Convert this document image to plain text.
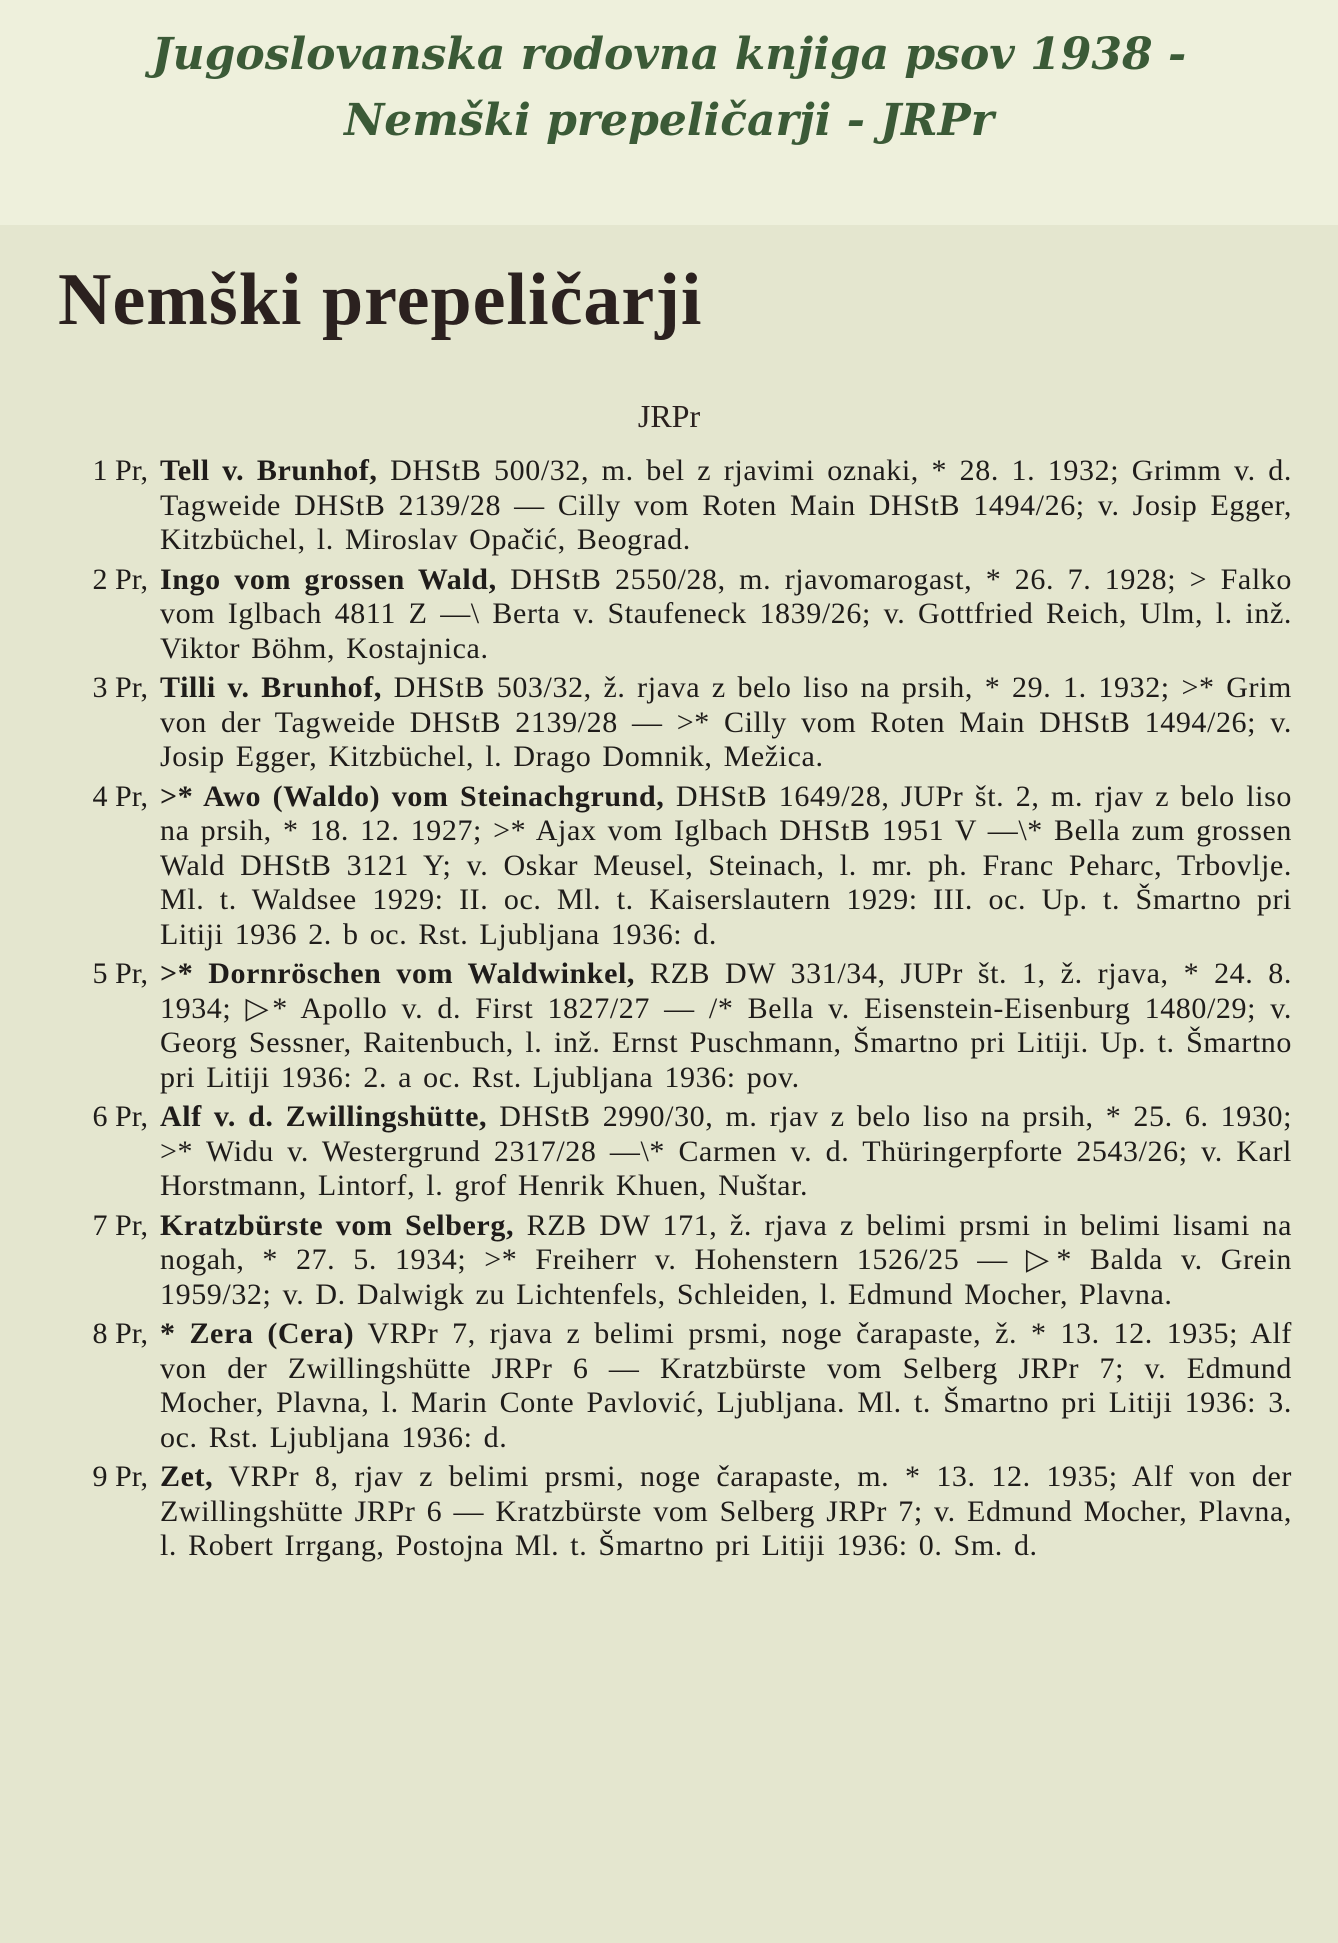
Jugoslovanska rodovna knjiga psov 1938 -
Nemški prepeličarji - JRPr
Nemški prepeličarji
JRPr
1 Pr, Tell v. Brunhof, DHStB 500/32, m. bel z rjavimi oznaki, * 28. 1. 1932; Grimm v. d. Tagweide DHStB 2139/28 — Cilly vom Roten Main DHStB 1494/26; v. Josip Egger, Kitzbüchel, l. Miroslav Opačić, Beograd.
2 Pr, Ingo vom grossen Wald, DHStB 2550/28, m. rjavomarogast, * 26. 7. 1928; > Falko vom Iglbach 4811 Z —\ Berta v. Staufeneck 1839/26; v. Gottfried Reich, Ulm, l. inž. Viktor Böhm, Kostajnica.
3 Pr, Tilli v. Brunhof, DHStB 503/32, ž. rjava z belo liso na prsih, * 29. 1. 1932; >* Grim von der Tagweide DHStB 2139/28 — >* Cilly vom Roten Main DHStB 1494/26; v. Josip Egger, Kitzbüchel, l. Drago Domnik, Mežica.
4 Pr, >* Awo (Waldo) vom Steinachgrund, DHStB 1649/28, JUPr št. 2, m. rjav z belo liso na prsih, * 18. 12. 1927; >* Ajax vom Iglbach DHStB 1951 V —\* Bella zum grossen Wald DHStB 3121 Y; v. Oskar Meusel, Steinach, l. mr. ph. Franc Peharc, Trbovlje. Ml. t. Waldsee 1929: II. oc. Ml. t. Kaiserslautern 1929: III. oc. Up. t. Šmartno pri Litiji 1936 2. b oc. Rst. Ljubljana 1936: d.
5 Pr, >* Dornröschen vom Waldwinkel, RZB DW 331/34, JUPr št. 1, ž. rjava, * 24. 8. 1934; ▷* Apollo v. d. First 1827/27 — /* Bella v. Eisenstein-Eisenburg 1480/29; v. Georg Sessner, Raitenbuch, l. inž. Ernst Puschmann, Šmartno pri Litiji. Up. t. Šmartno pri Litiji 1936: 2. a oc. Rst. Ljubljana 1936: pov.
6 Pr, Alf v. d. Zwillingshütte, DHStB 2990/30, m. rjav z belo liso na prsih, * 25. 6. 1930; >* Widu v. Westergrund 2317/28 —\* Carmen v. d. Thüringerpforte 2543/26; v. Karl Horstmann, Lintorf, l. grof Henrik Khuen, Nuštar.
7 Pr, Kratzbürste vom Selberg, RZB DW 171, ž. rjava z belimi prsmi in belimi lisami na nogah, * 27. 5. 1934; >* Freiherr v. Hohenstern 1526/25 — ▷* Balda v. Grein 1959/32; v. D. Dalwigk zu Lichtenfels, Schleiden, l. Edmund Mocher, Plavna.
8 Pr, * Zera (Cera) VRPr 7, rjava z belimi prsmi, noge čarapaste, ž. * 13. 12. 1935; Alf von der Zwillingshütte JRPr 6 — Kratzbürste vom Selberg JRPr 7; v. Edmund Mocher, Plavna, l. Marin Conte Pavlović, Ljubljana. Ml. t. Šmartno pri Litiji 1936: 3. oc. Rst. Ljubljana 1936: d.
9 Pr, Zet, VRPr 8, rjav z belimi prsmi, noge čarapaste, m. * 13. 12. 1935; Alf von der Zwillingshütte JRPr 6 — Kratzbürste vom Selberg JRPr 7; v. Edmund Mocher, Plavna, l. Robert Irrgang, Postojna Ml. t. Šmartno pri Litiji 1936: 0. Sm. d.
